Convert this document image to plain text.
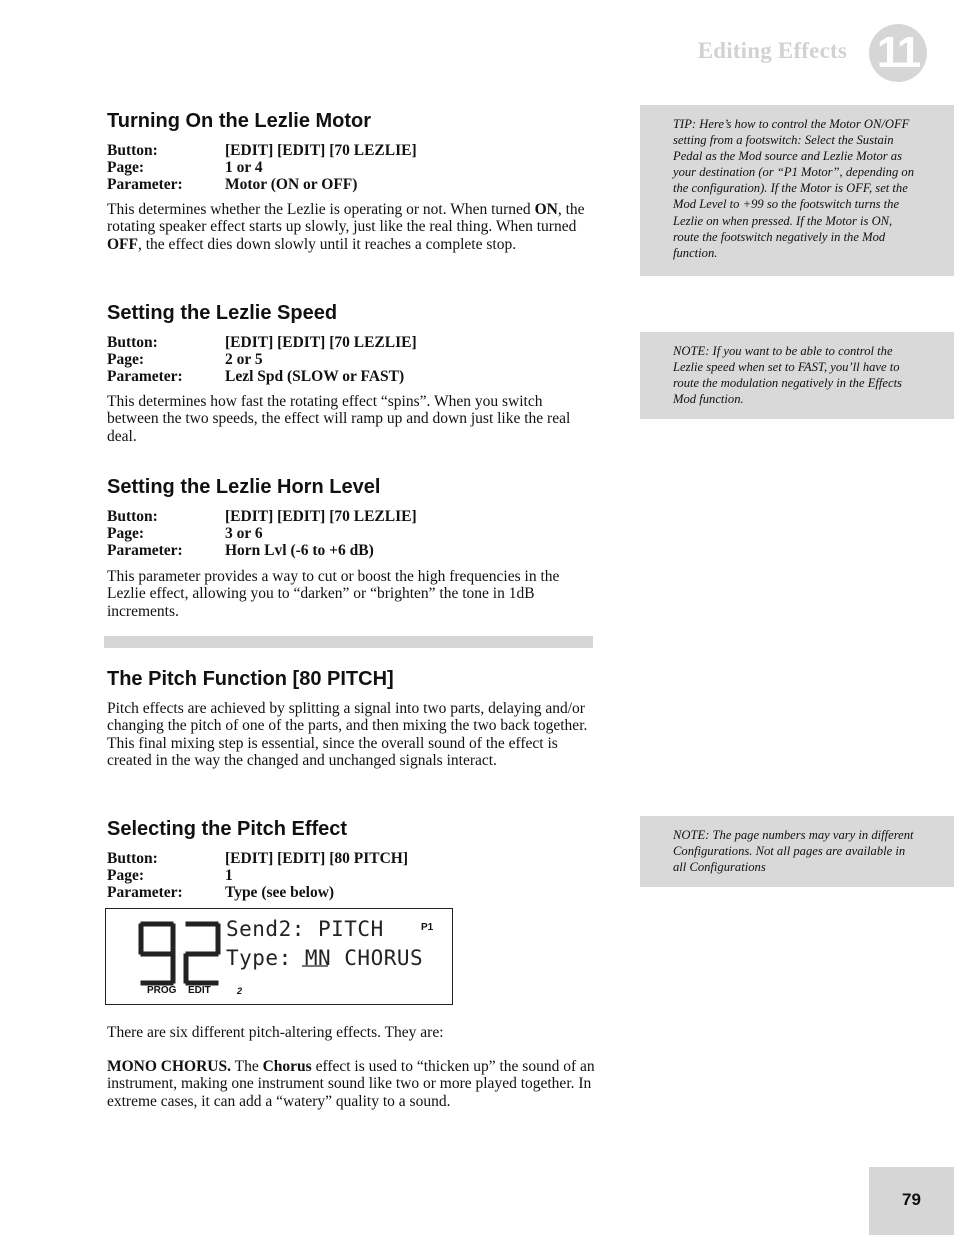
Editing Effects 11
Turning On the Lezlie Motor
Button:	[EDIT] [EDIT] [70 LEZLIE]
Page:	1 or 4
Parameter:	Motor (ON or OFF)

This determines whether the Lezlie is operating or not. When turned ON, the rotating speaker effect starts up slowly, just like the real thing. When turned OFF, the effect dies down slowly until it reaches a complete stop.

Setting the Lezlie Speed
Button:	[EDIT] [EDIT] [70 LEZLIE]
Page:	2 or 5
Parameter:	Lezl Spd (SLOW or FAST)

This determines how fast the rotating effect “spins”. When you switch between the two speeds, the effect will ramp up and down just like the real deal.

Setting the Lezlie Horn Level
Button:	[EDIT] [EDIT] [70 LEZLIE]
Page:	3 or 6
Parameter:	Horn Lvl (-6 to +6 dB)

This parameter provides a way to cut or boost the high frequencies in the Lezlie effect, allowing you to “darken” or “brighten” the tone in 1dB increments.

The Pitch Function [80 PITCH]

Pitch effects are achieved by splitting a signal into two parts, delaying and/or changing the pitch of one of the parts, and then mixing the two back together. This final mixing step is essential, since the overall sound of the effect is created in the way the changed and unchanged signals interact.

Selecting the Pitch Effect
Button:	[EDIT] [EDIT] [80 PITCH]
Page:	1
Parameter:	Type (see below)
Send2: PITCH
Type: MN CHORUS
P1
PROG EDIT	2

There are six different pitch-altering effects. They are:

MONO CHORUS. The Chorus effect is used to “thicken up” the sound of an instrument, making one instrument sound like two or more played together. In extreme cases, it can add a “watery” quality to a sound.

TIP: Here’s how to control the Motor ON/OFF setting from a footswitch: Select the Sustain Pedal as the Mod source and Lezlie Motor as your destination (or “P1 Motor”, depending on the configuration). If the Motor is OFF, set the Mod Level to +99 so the footswitch turns the Lezlie on when pressed. If the Motor is ON, route the footswitch negatively in the Mod function.
NOTE: If you want to be able to control the Lezlie speed when set to FAST, you’ll have to route the modulation negatively in the Effects Mod function.
NOTE: The page numbers may vary in different Configurations. Not all pages are available in all Configurations
79
